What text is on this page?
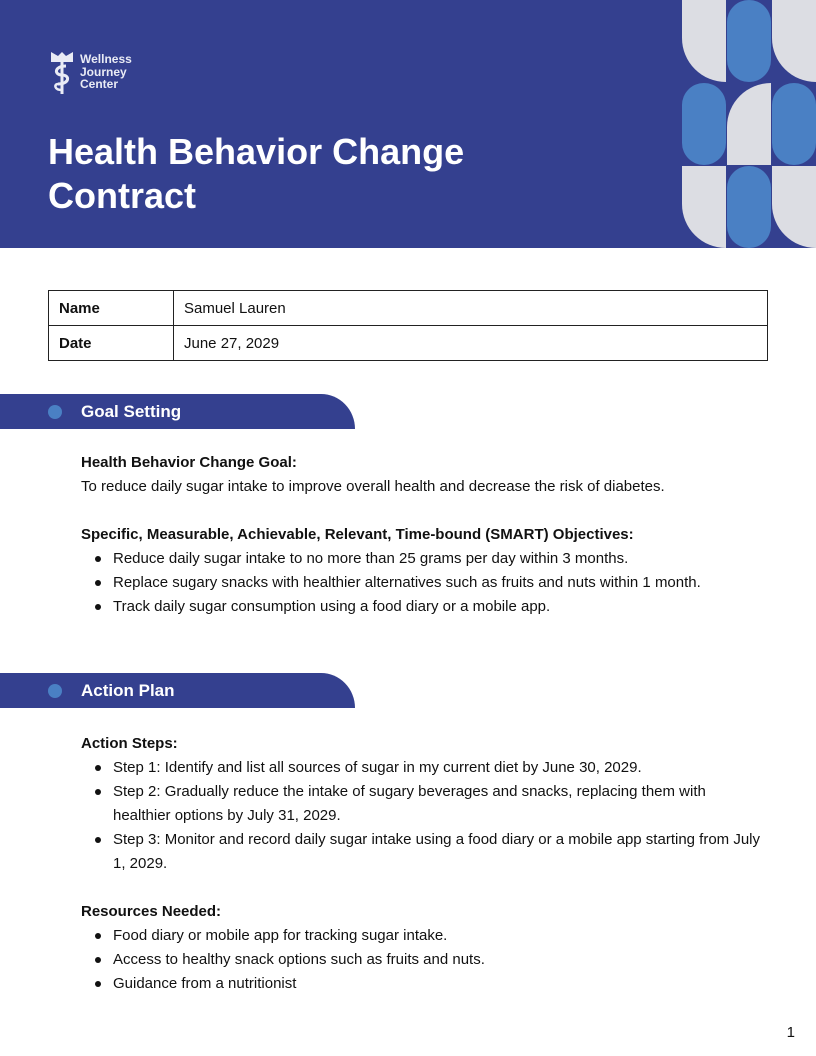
Wellness
Journey
Center
Health Behavior Change Contract
Name	Samuel Lauren
Date	June 27, 2029
Goal Setting

Health Behavior Change Goal:

To reduce daily sugar intake to improve overall health and decrease the risk of diabetes.

Specific, Measurable, Achievable, Relevant, Time-bound (SMART) Objectives:

Reduce daily sugar intake to no more than 25 grams per day within 3 months.
Replace sugary snacks with healthier alternatives such as fruits and nuts within 1 month.
Track daily sugar consumption using a food diary or a mobile app.
Action Plan

Action Steps:

Step 1: Identify and list all sources of sugar in my current diet by June 30, 2029.
Step 2: Gradually reduce the intake of sugary beverages and snacks, replacing them with healthier options by July 31, 2029.
Step 3: Monitor and record daily sugar intake using a food diary or a mobile app starting from July 1, 2029.

Resources Needed:

Food diary or mobile app for tracking sugar intake.
Access to healthy snack options such as fruits and nuts.
Guidance from a nutritionist
1
